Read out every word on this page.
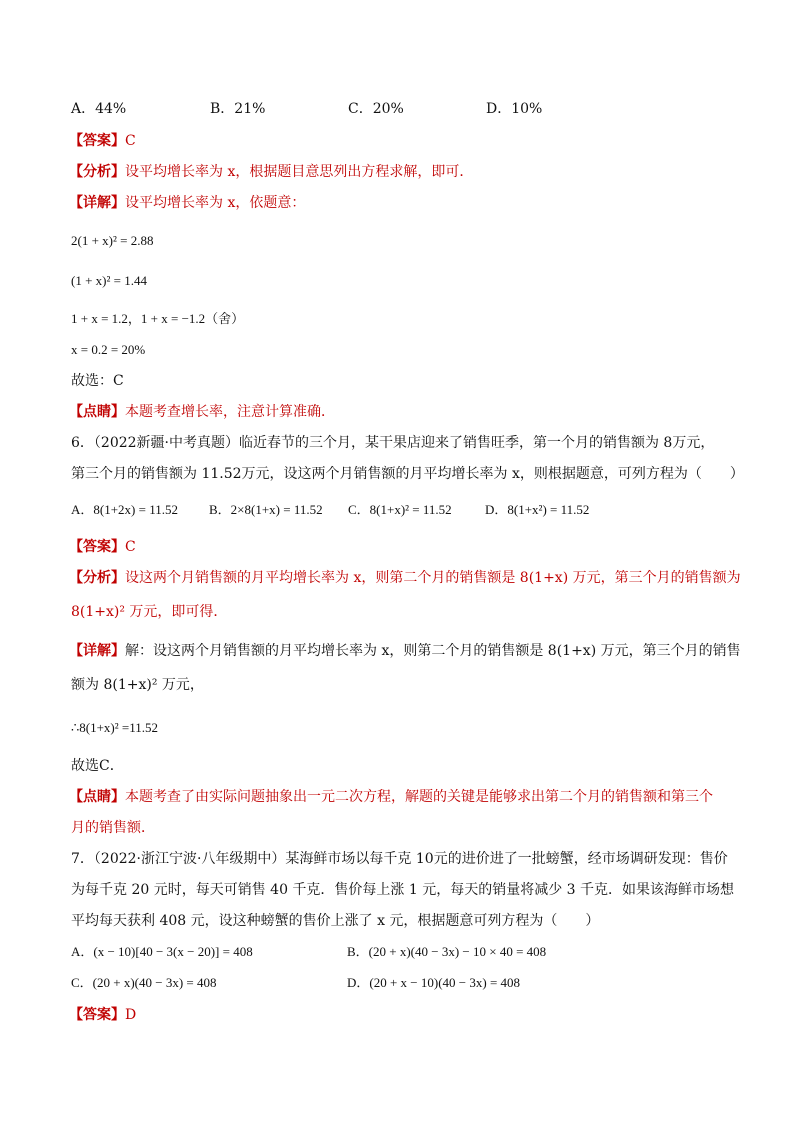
A．44%	B．21%	C．20%	D．10%
【答案】C
【分析】设平均增长率为 x，根据题目意思列出方程求解，即可．
【详解】设平均增长率为 x，依题意：
2(1 + x)² = 2.88
(1 + x)² = 1.44
1 + x = 1.2，1 + x = −1.2（舍）
x = 0.2 = 20%
故选：C
【点睛】本题考查增长率，注意计算准确．
6．（2022新疆·中考真题）临近春节的三个月，某干果店迎来了销售旺季，第一个月的销售额为 8万元，
第三个月的销售额为 11.52万元，设这两个月销售额的月平均增长率为 x，则根据题意，可列方程为（　　）
A．8(1+2x) = 11.52 B．2×8(1+x) = 11.52 C．8(1+x)² = 11.52	D．8(1+x²) = 11.52
【答案】C
【分析】设这两个月销售额的月平均增长率为 x，则第二个月的销售额是 8(1+x) 万元，第三个月的销售额为
8(1+x)² 万元，即可得．
【详解】解：设这两个月销售额的月平均增长率为 x，则第二个月的销售额是 8(1+x) 万元，第三个月的销售
额为 8(1+x)² 万元，
∴8(1+x)² =11.52
故选C．
【点睛】本题考查了由实际问题抽象出一元二次方程，解题的关键是能够求出第二个月的销售额和第三个
月的销售额．
7．（2022·浙江宁波·八年级期中）某海鲜市场以每千克 10元的进价进了一批螃蟹，经市场调研发现：售价
为每千克 20 元时，每天可销售 40 千克．售价每上涨 1 元，每天的销量将减少 3 千克．如果该海鲜市场想
平均每天获利 408 元，设这种螃蟹的售价上涨了 x 元，根据题意可列方程为（　　）
A．(x − 10)[40 − 3(x − 20)] = 408	B．(20 + x)(40 − 3x) − 10 × 40 = 408
C．(20 + x)(40 − 3x) = 408	D．(20 + x − 10)(40 − 3x) = 408
【答案】D
